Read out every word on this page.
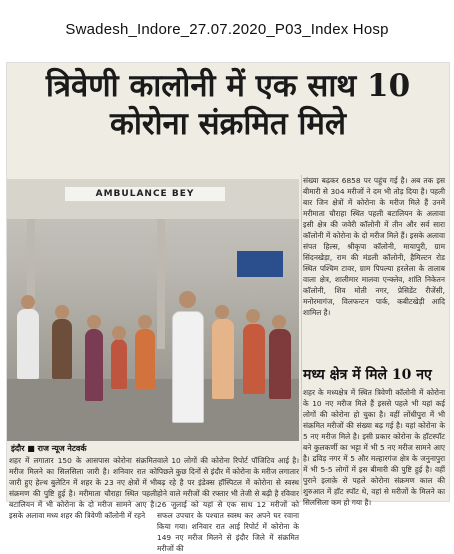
Swadesh_Indore_27.07.2020_P03_Index Hosp
त्रिवेणी कालोनी में एक साथ 10
कोरोना संक्रमित मिले
AMBULANCE BEY
इंदौर ■ राज न्यूज नेटवर्क
संख्या बढ़कर 6858 पर पहुंच गई है। अब तक इस बीमारी से 304 मरीजों ने दम भी तोड़ दिया है। पहली बार जिन क्षेत्रों में कोरोना के मरीज मिले हैं उनमें मरीमाता चौराहा स्थित पहली बटालियन के अलावा इसी क्षेत्र की जवेरी कॉलोनी में तीन और सर्व सारा कॉलोनी में कोरोना के दो मरीज मिले हैं। इसके अलावा संपत हिल्स, श्रीकृपा कॉलोनी, मायापुरी, ग्राम सिंदनखेड़ा, राम की मंडली कॉलोनी, हैमिल्टन रोड स्थित पश्चिम टावर, ग्राम पिपल्या हरलेला के तालाब वाला क्षेत्र, शालीमार मालवा एन्क्लेव, शांति निकेतन कॉलोनी, शिव मोती नगर, प्रेसिडेंट रीजेंसी, मनोरमागंज, विलफन्टन पार्क, कबीटखेड़ी आदि शामिल है।
मध्य क्षेत्र में मिले 10 नए
शहर के मध्यक्षेत्र में स्थित त्रिवेणी कॉलोनी में कोरोना के 10 नए मरीज मिले हैं इससे पहले भी यहां कई लोगों की कोरोना हो चुका है। वहीं लोंधीपुरा में भी संक्रमित मरीजों की संख्या बढ़ गई है। यहां कोरोना के 5 नए मरीज मिले है। इसी प्रकार कोरोना के हॉटस्पॉट बने कुलकर्णी का भट्टा में भी 5 नए मरीज सामने आए है। द्रविड़ नगर में 5 और मल्हारगंज क्षेत्र के जनुनापुरा में भी 5-5 लोगों में इस बीमारी की पुष्टि हुई है। वहीं पुराने इलाक़े से पहले कोरोना संक्रमण काल की शुरुआत में हॉट स्पॉट थे, वहां से मरीजों के मिलने का सिलसिला कम हो गया है।
शहर में लगातार 150 के आसपास कोरोना संक्रमित मरीज मिलने का सिलसिला जारी है। शनिवार रात को जारी हुए हेल्थ बुलेटिन में शहर के 23 नए क्षेत्रों में भी संक्रमण की पुष्टि हुई है। मरीमाता चौराहा स्थित पहली बटालियन में भी कोरोना के दो मरीज सामने आए है। इसके अलावा मध्य शहर की त्रिवेणी कॉलोनी में रहने
वाले 10 लोगों की कोरोना रिपोर्ट पॉजिटिव आई है। पिछले कुछ दिनों से इंदौर में कोरोना के मरीज लगातार बढ़ रहे है पर इंडेक्स हॉस्पिटल में कोरोना से स्वस्थ होने वाले मरीजों की रफ्तार भी तेजी से बढ़ी है रविवार 26 जुलाई को यहां से एक साथ 12 मरीजों को सफल उपचार के पश्चात स्वस्थ कर अपने घर रवाना किया गया। शनिवार रात आई रिपोर्ट में कोरोना के 149 नए मरीज मिलने से इंदौर जिले में संक्रमित मरीजों की
